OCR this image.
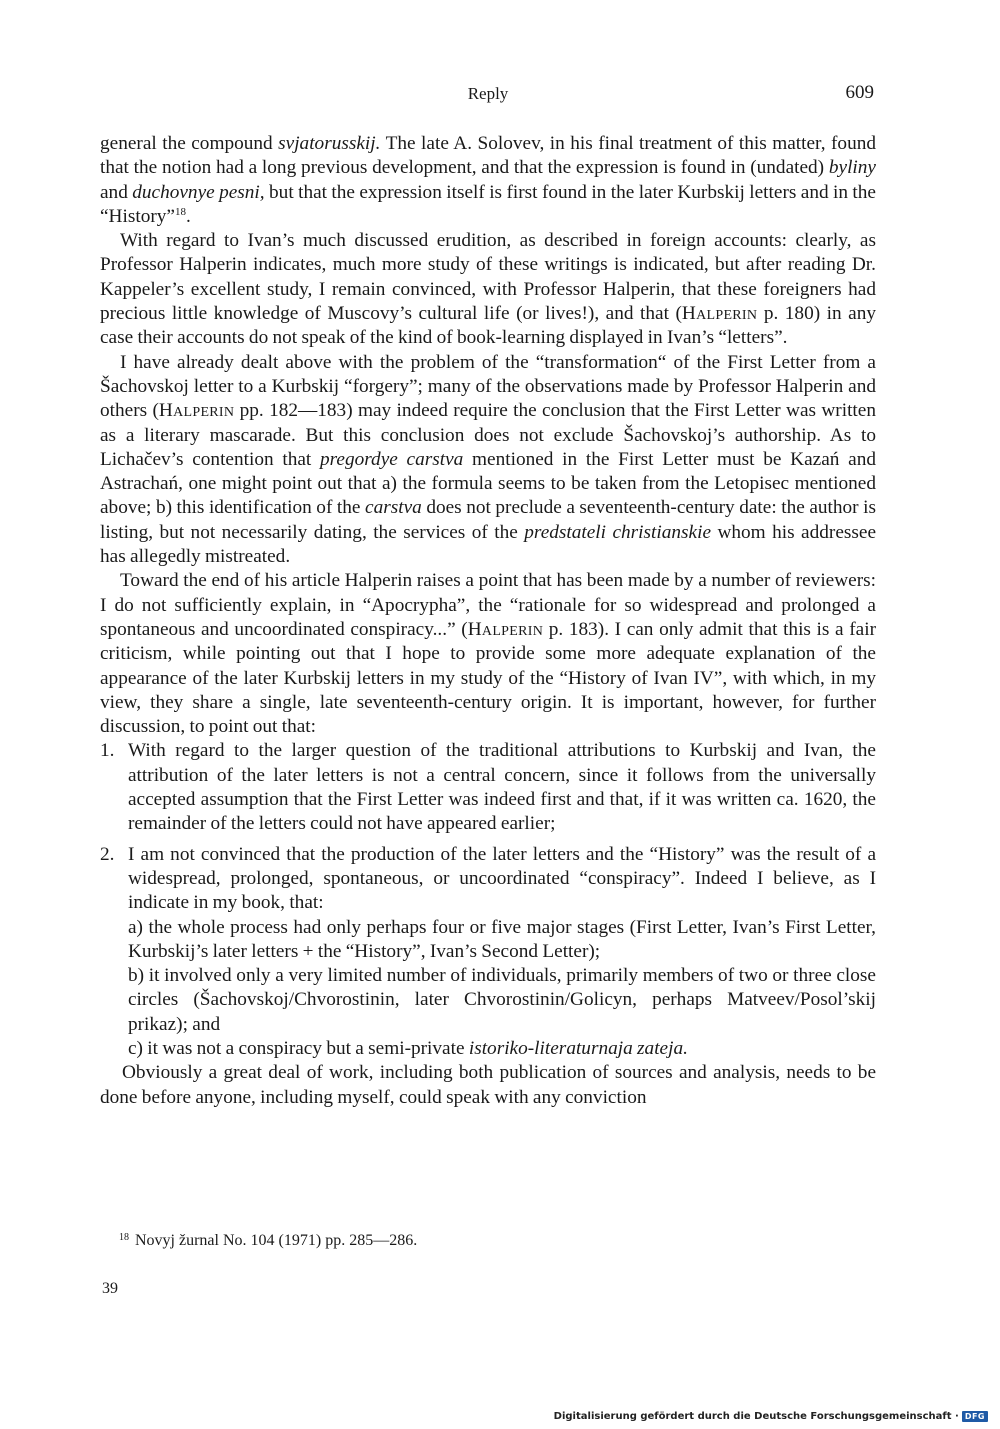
Reply	609

general the compound svjatorusskij. The late A. Solovev, in his final treatment of this matter, found that the notion had a long previous development, and that the expression is found in (undated) byliny and duchovnye pesni, but that the expression itself is first found in the later Kurbskij letters and in the “History”$^{18}$.

With regard to Ivan’s much discussed erudition, as described in foreign accounts: clearly, as Professor Halperin indicates, much more study of these writings is indicated, but after reading Dr. Kappeler’s excellent study, I remain convinced, with Professor Halperin, that these foreigners had precious little knowledge of Muscovy’s cultural life (or lives!), and that (Halperin p. 180) in any case their accounts do not speak of the kind of book-learning displayed in Ivan’s “letters”.

I have already dealt above with the problem of the “transformation“ of the First Letter from a Šachovskoj letter to a Kurbskij “forgery”; many of the observations made by Professor Halperin and others (Halperin pp. 182—183) may indeed require the conclusion that the First Letter was written as a literary mascarade. But this conclusion does not exclude Šachovskoj’s authorship. As to Lichačev’s contention that pregordye carstva mentioned in the First Letter must be Kazań and Astrachań, one might point out that a) the formula seems to be taken from the Letopisec mentioned above; b) this identification of the carstva does not preclude a seventeenth-century date: the author is listing, but not necessarily dating, the services of the predstateli christianskie whom his addressee has allegedly mistreated.

Toward the end of his article Halperin raises a point that has been made by a number of reviewers: I do not sufficiently explain, in “Apocrypha”, the “rationale for so widespread and prolonged a spontaneous and uncoordinated conspiracy...” (Halperin p. 183). I can only admit that this is a fair criticism, while pointing out that I hope to provide some more adequate explanation of the appearance of the later Kurbskij letters in my study of the “History of Ivan IV”, with which, in my view, they share a single, late seventeenth-century origin. It is important, however, for further discussion, to point out that:

1. With regard to the larger question of the traditional attributions to Kurbskij and Ivan, the attribution of the later letters is not a central concern, since it follows from the universally accepted assumption that the First Letter was indeed first and that, if it was written ca. 1620, the remainder of the letters could not have appeared earlier;

2. I am not convinced that the production of the later letters and the “History” was the result of a widespread, prolonged, spontaneous, or uncoordinated “conspiracy”. Indeed I believe, as I indicate in my book, that:

a) the whole process had only perhaps four or five major stages (First Letter, Ivan’s First Letter, Kurbskij’s later letters + the “History”, Ivan’s Second Letter);

b) it involved only a very limited number of individuals, primarily members of two or three close circles (Šachovskoj/Chvorostinin, later Chvorostinin/Golicyn, perhaps Matveev/Posol’skij prikaz); and

c) it was not a conspiracy but a semi-private istoriko-literaturnaja zateja.

Obviously a great deal of work, including both publication of sources and analysis, needs to be done before anyone, including myself, could speak with any conviction

$^{18}$ Novyj žurnal No. 104 (1971) pp. 285—286.
39
Digitalisierung gefördert durch die Deutsche Forschungsgemeinschaft · DFG
